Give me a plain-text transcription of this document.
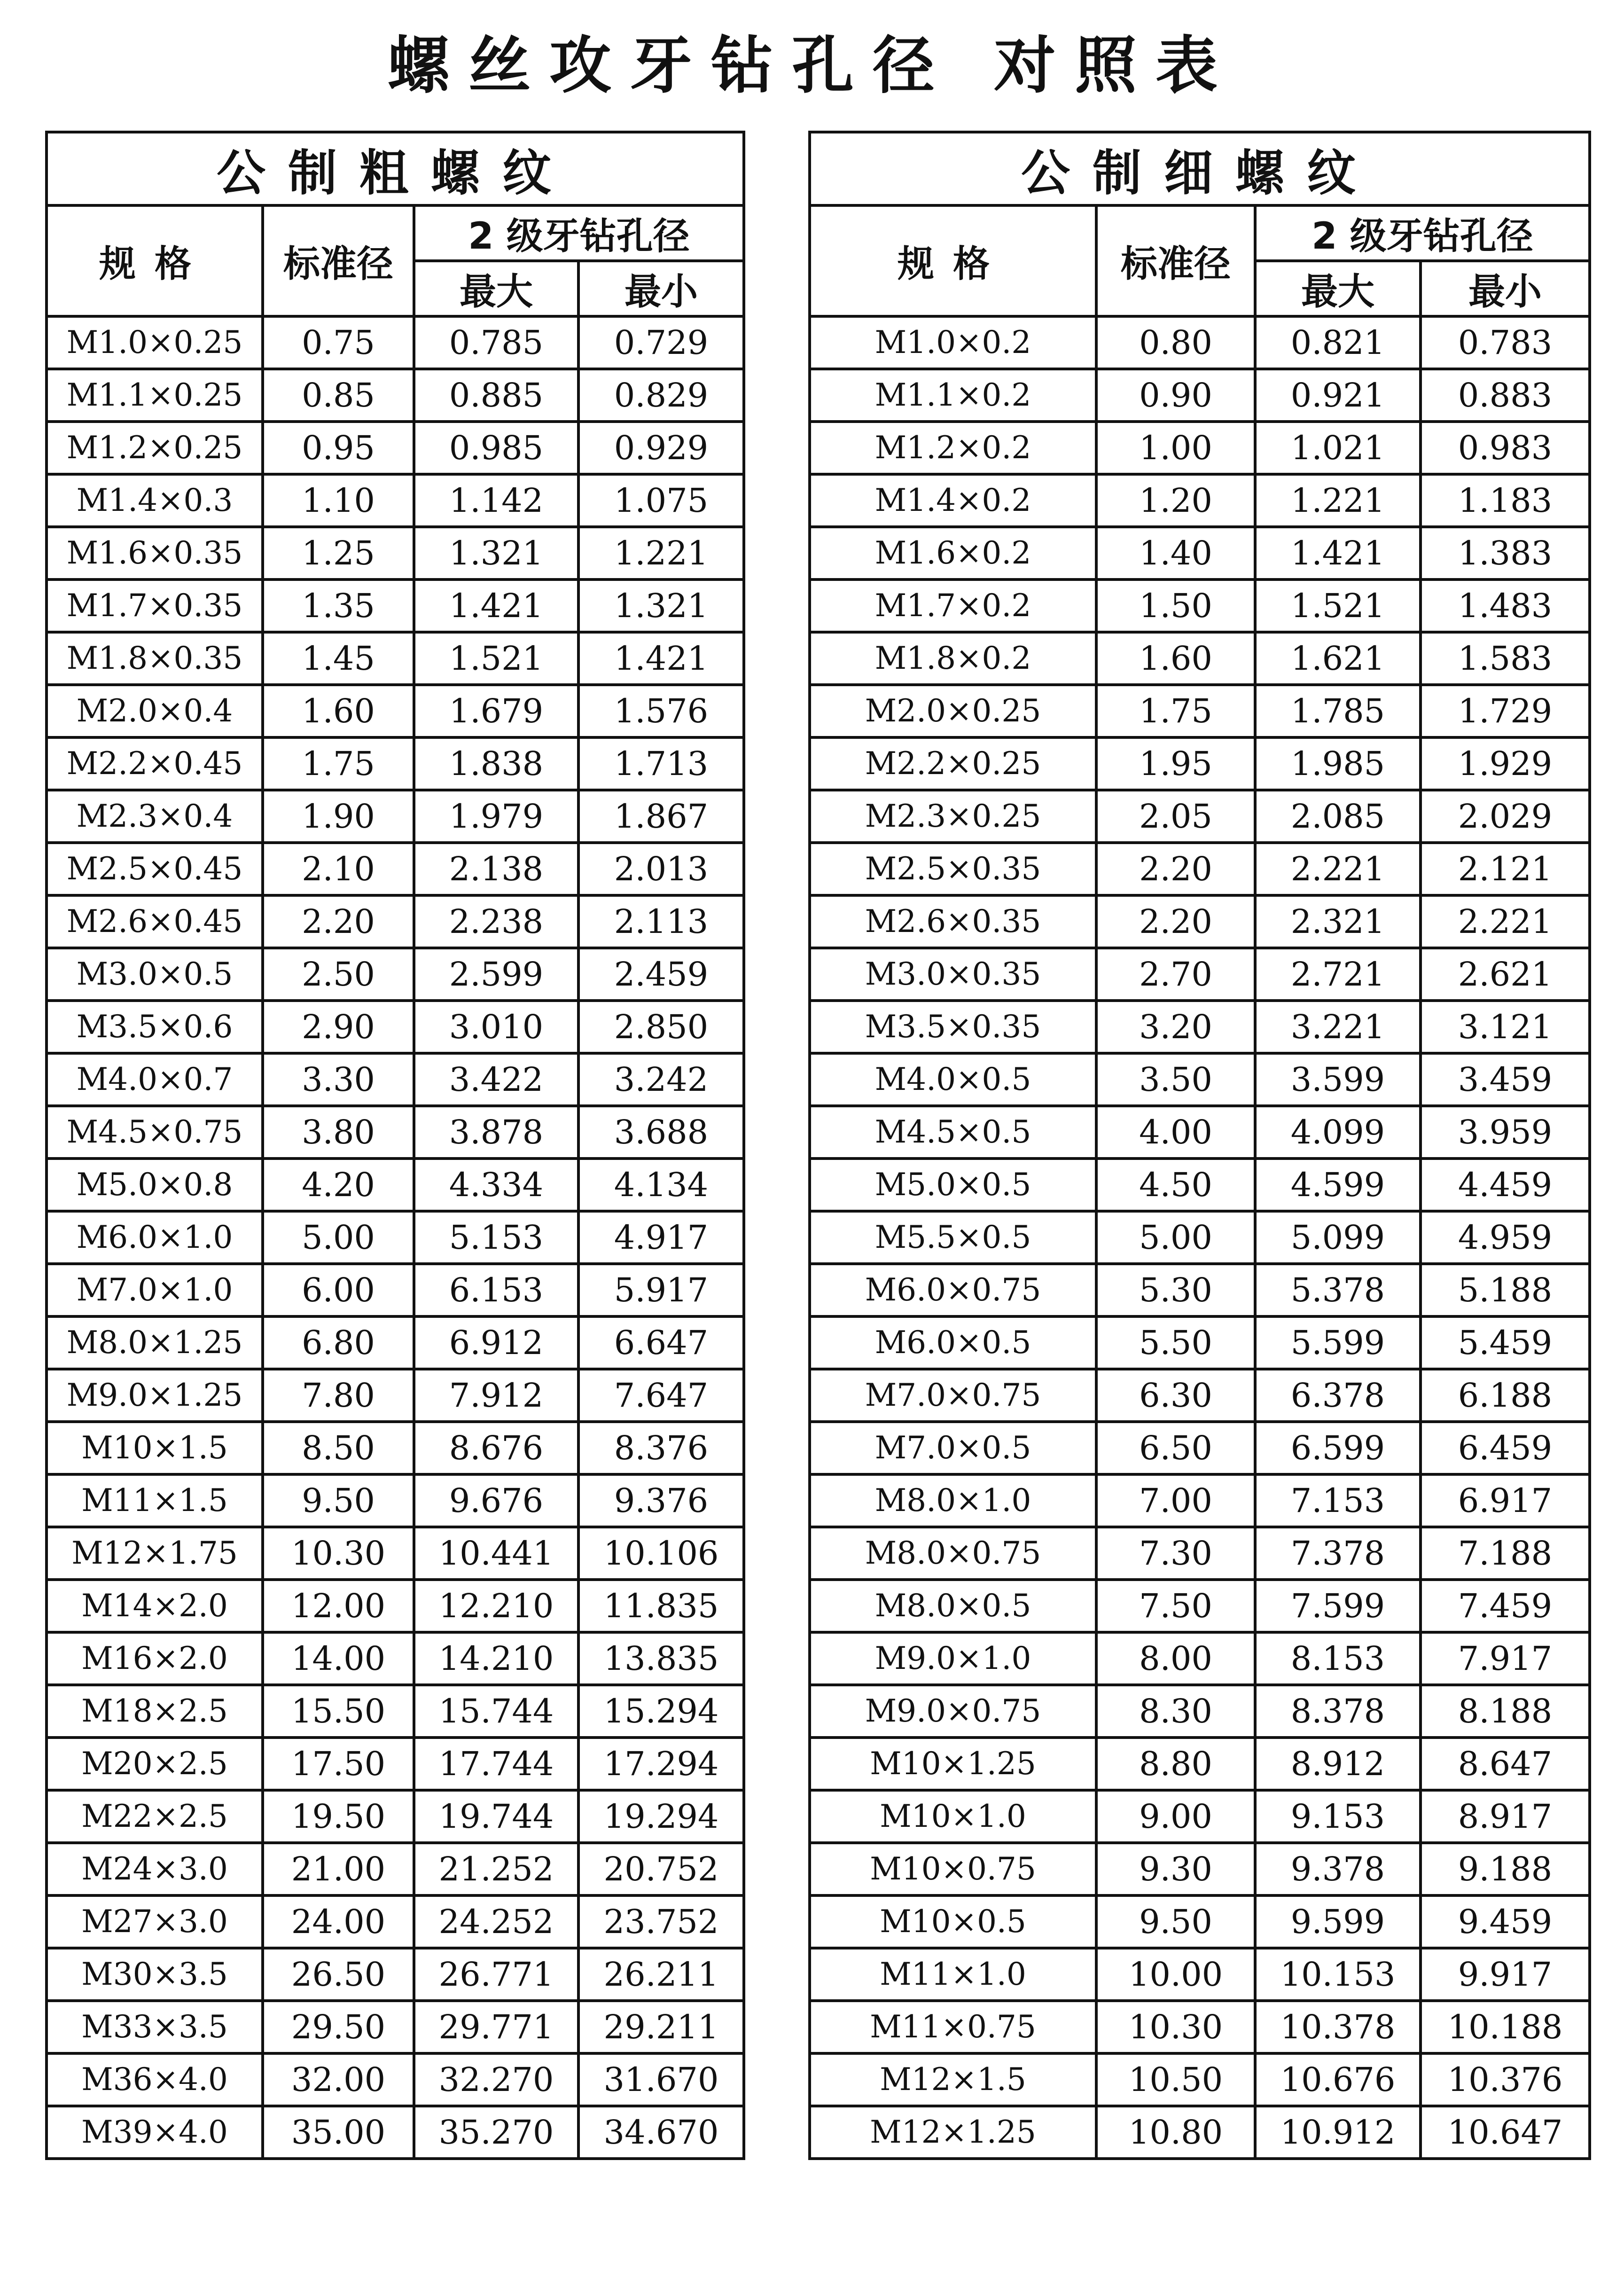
螺丝攻牙钻孔径 对照表
公制粗螺纹			
规格	标准径	2 级牙钻孔径	
		最大	最小
M1.0×0.25	0.75	0.785	0.729
M1.1×0.25	0.85	0.885	0.829
M1.2×0.25	0.95	0.985	0.929
M1.4×0.3	1.10	1.142	1.075
M1.6×0.35	1.25	1.321	1.221
M1.7×0.35	1.35	1.421	1.321
M1.8×0.35	1.45	1.521	1.421
M2.0×0.4	1.60	1.679	1.576
M2.2×0.45	1.75	1.838	1.713
M2.3×0.4	1.90	1.979	1.867
M2.5×0.45	2.10	2.138	2.013
M2.6×0.45	2.20	2.238	2.113
M3.0×0.5	2.50	2.599	2.459
M3.5×0.6	2.90	3.010	2.850
M4.0×0.7	3.30	3.422	3.242
M4.5×0.75	3.80	3.878	3.688
M5.0×0.8	4.20	4.334	4.134
M6.0×1.0	5.00	5.153	4.917
M7.0×1.0	6.00	6.153	5.917
M8.0×1.25	6.80	6.912	6.647
M9.0×1.25	7.80	7.912	7.647
M10×1.5	8.50	8.676	8.376
M11×1.5	9.50	9.676	9.376
M12×1.75	10.30	10.441	10.106
M14×2.0	12.00	12.210	11.835
M16×2.0	14.00	14.210	13.835
M18×2.5	15.50	15.744	15.294
M20×2.5	17.50	17.744	17.294
M22×2.5	19.50	19.744	19.294
M24×3.0	21.00	21.252	20.752
M27×3.0	24.00	24.252	23.752
M30×3.5	26.50	26.771	26.211
M33×3.5	29.50	29.771	29.211
M36×4.0	32.00	32.270	31.670
M39×4.0	35.00	35.270	34.670
公制细螺纹			
规格	标准径	2 级牙钻孔径	
		最大	最小
M1.0×0.2	0.80	0.821	0.783
M1.1×0.2	0.90	0.921	0.883
M1.2×0.2	1.00	1.021	0.983
M1.4×0.2	1.20	1.221	1.183
M1.6×0.2	1.40	1.421	1.383
M1.7×0.2	1.50	1.521	1.483
M1.8×0.2	1.60	1.621	1.583
M2.0×0.25	1.75	1.785	1.729
M2.2×0.25	1.95	1.985	1.929
M2.3×0.25	2.05	2.085	2.029
M2.5×0.35	2.20	2.221	2.121
M2.6×0.35	2.20	2.321	2.221
M3.0×0.35	2.70	2.721	2.621
M3.5×0.35	3.20	3.221	3.121
M4.0×0.5	3.50	3.599	3.459
M4.5×0.5	4.00	4.099	3.959
M5.0×0.5	4.50	4.599	4.459
M5.5×0.5	5.00	5.099	4.959
M6.0×0.75	5.30	5.378	5.188
M6.0×0.5	5.50	5.599	5.459
M7.0×0.75	6.30	6.378	6.188
M7.0×0.5	6.50	6.599	6.459
M8.0×1.0	7.00	7.153	6.917
M8.0×0.75	7.30	7.378	7.188
M8.0×0.5	7.50	7.599	7.459
M9.0×1.0	8.00	8.153	7.917
M9.0×0.75	8.30	8.378	8.188
M10×1.25	8.80	8.912	8.647
M10×1.0	9.00	9.153	8.917
M10×0.75	9.30	9.378	9.188
M10×0.5	9.50	9.599	9.459
M11×1.0	10.00	10.153	9.917
M11×0.75	10.30	10.378	10.188
M12×1.5	10.50	10.676	10.376
M12×1.25	10.80	10.912	10.647
